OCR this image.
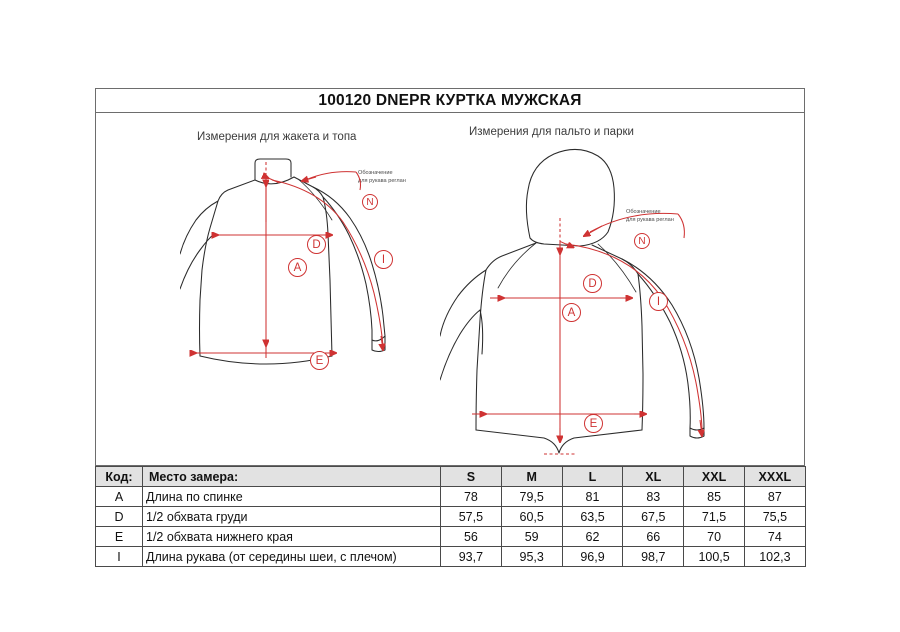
100120 DNEPR КУРТКА МУЖСКАЯ
Измерения для жакета и топа	Измерения для пальто и парки
Обозначение
для рукава реглан
Обозначение
для рукава реглан
A
D
E
I
N
A
D
E
I
N
Код:	Место замера:	S	M	L	XL	XXL	XXXL
A	Длина по спинке	78	79,5	81	83	85	87
D	1/2 обхвата груди	57,5	60,5	63,5	67,5	71,5	75,5
E	1/2 обхвата нижнего края	56	59	62	66	70	74
I	Длина рукава (от середины шеи, с плечом)	93,7	95,3	96,9	98,7	100,5	102,3
